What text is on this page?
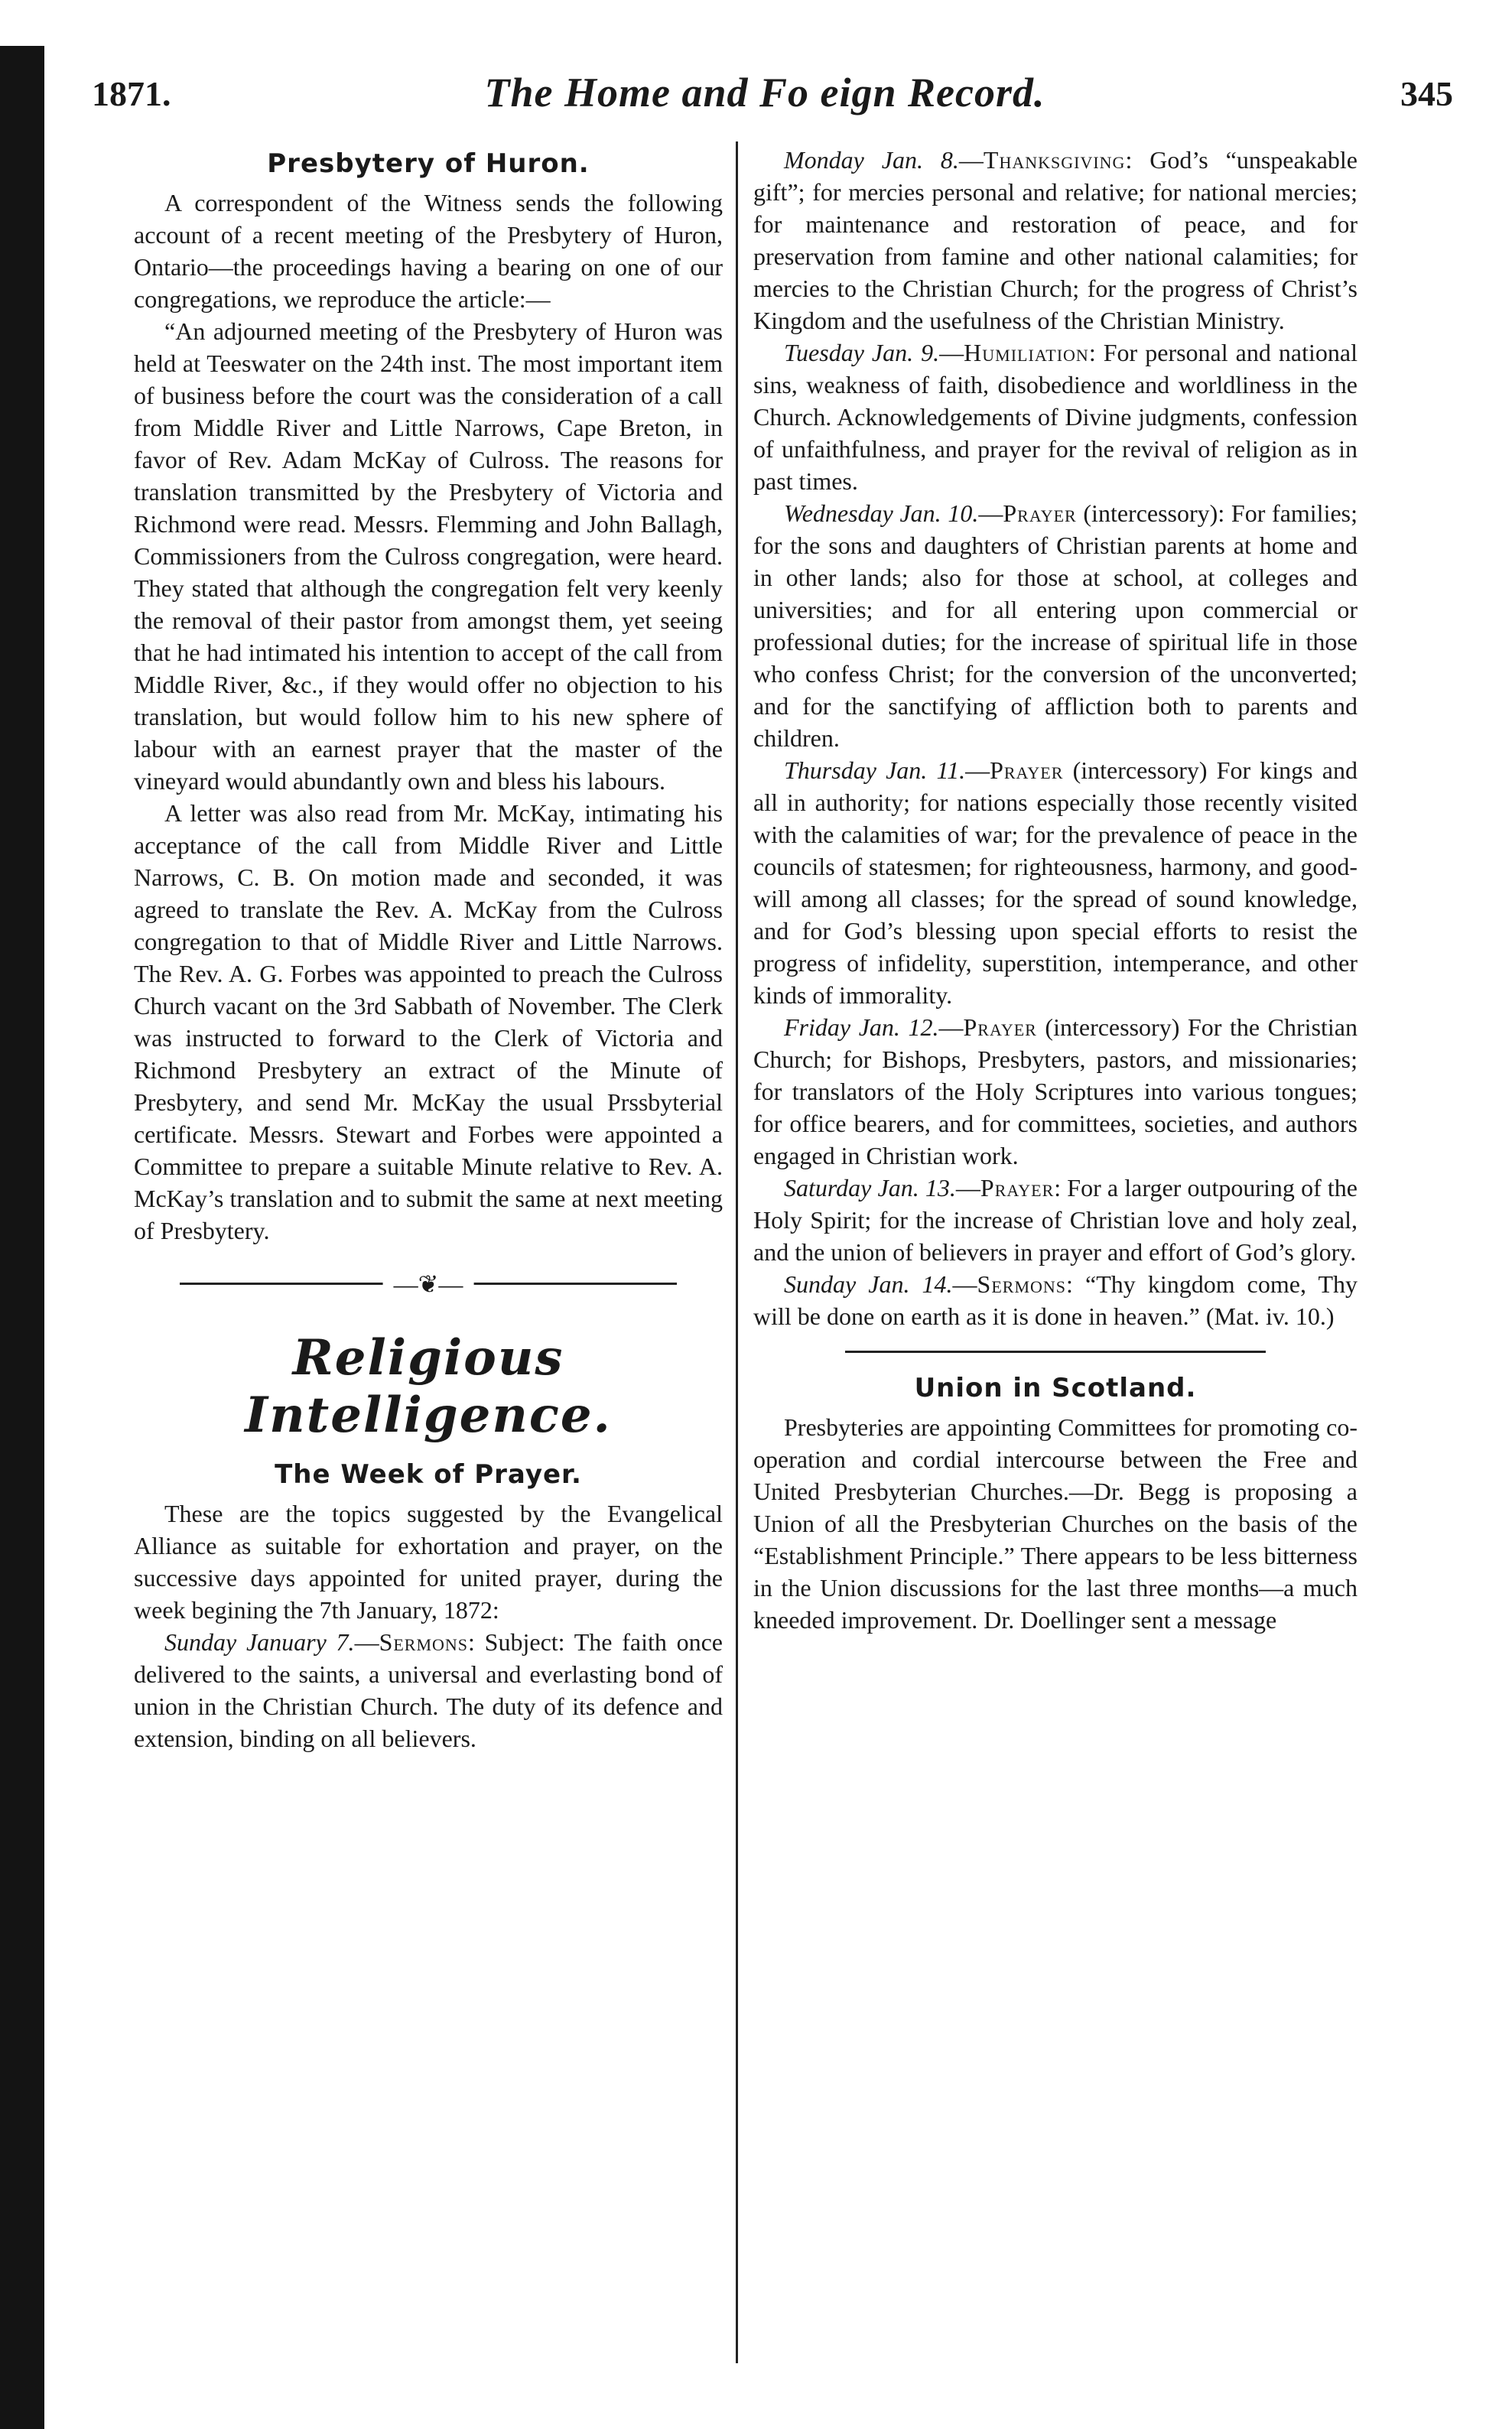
1871.	The Home and Fo eign Record.	345
Presbytery of Huron.

A correspondent of the Witness sends the following account of a recent meeting of the Presbytery of Huron, Ontario—the proceedings having a bearing on one of our congregations, we reproduce the article:—

“An adjourned meeting of the Presbytery of Huron was held at Teeswater on the 24th inst. The most important item of business before the court was the consideration of a call from Middle River and Little Narrows, Cape Breton, in favor of Rev. Adam McKay of Culross. The reasons for translation transmitted by the Presbytery of Victoria and Richmond were read. Messrs. Flemming and John Ballagh, Commissioners from the Culross congregation, were heard. They stated that although the congregation felt very keenly the removal of their pastor from amongst them, yet seeing that he had intimated his intention to accept of the call from Middle River, &c., if they would offer no objection to his translation, but would follow him to his new sphere of labour with an earnest prayer that the master of the vineyard would abundantly own and bless his labours.

A letter was also read from Mr. McKay, intimating his acceptance of the call from Middle River and Little Narrows, C. B. On motion made and seconded, it was agreed to translate the Rev. A. McKay from the Culross congregation to that of Middle River and Little Narrows. The Rev. A. G. Forbes was appointed to preach the Culross Church vacant on the 3rd Sabbath of November. The Clerk was instructed to forward to the Clerk of Victoria and Richmond Presbytery an extract of the Minute of Presbytery, and send Mr. McKay the usual Prssbyterial certificate. Messrs. Stewart and Forbes were appointed a Committee to prepare a suitable Minute relative to Rev. A. McKay’s translation and to submit the same at next meeting of Presbytery.

—❦—
Religious Intelligence.
The Week of Prayer.

These are the topics suggested by the Evangelical Alliance as suitable for exhortation and prayer, on the successive days appointed for united prayer, during the week begining the 7th January, 1872:

Sunday January 7.—Sermons: Subject: The faith once delivered to the saints, a universal and everlasting bond of union in the Christian Church. The duty of its defence and extension, binding on all believers.

Monday Jan. 8.—Thanksgiving: God’s “unspeakable gift”; for mercies personal and relative; for national mercies; for maintenance and restoration of peace, and for preservation from famine and other national calamities; for mercies to the Christian Church; for the progress of Christ’s Kingdom and the usefulness of the Christian Ministry.

Tuesday Jan. 9.—Humiliation: For personal and national sins, weakness of faith, disobedience and worldliness in the Church. Acknowledgements of Divine judgments, confession of unfaithfulness, and prayer for the revival of religion as in past times.

Wednesday Jan. 10.—Prayer (intercessory): For families; for the sons and daughters of Christian parents at home and in other lands; also for those at school, at colleges and universities; and for all entering upon commercial or professional duties; for the increase of spiritual life in those who confess Christ; for the conversion of the unconverted; and for the sanctifying of affliction both to parents and children.

Thursday Jan. 11.—Prayer (intercessory) For kings and all in authority; for nations especially those recently visited with the calamities of war; for the prevalence of peace in the councils of statesmen; for righteousness, harmony, and good-will among all classes; for the spread of sound knowledge, and for God’s blessing upon special efforts to resist the progress of infidelity, superstition, intemperance, and other kinds of immorality.

Friday Jan. 12.—Prayer (intercessory) For the Christian Church; for Bishops, Presbyters, pastors, and missionaries; for translators of the Holy Scriptures into various tongues; for office bearers, and for committees, societies, and authors engaged in Christian work.

Saturday Jan. 13.—Prayer: For a larger outpouring of the Holy Spirit; for the increase of Christian love and holy zeal, and the union of believers in prayer and effort of God’s glory.

Sunday Jan. 14.—Sermons: “Thy kingdom come, Thy will be done on earth as it is done in heaven.” (Mat. iv. 10.)

Union in Scotland.

Presbyteries are appointing Committees for promoting co-operation and cordial intercourse between the Free and United Presbyterian Churches.—Dr. Begg is proposing a Union of all the Presbyterian Churches on the basis of the “Establishment Principle.” There appears to be less bitterness in the Union discussions for the last three months—a much kneeded improvement. Dr. Doellinger sent a message
